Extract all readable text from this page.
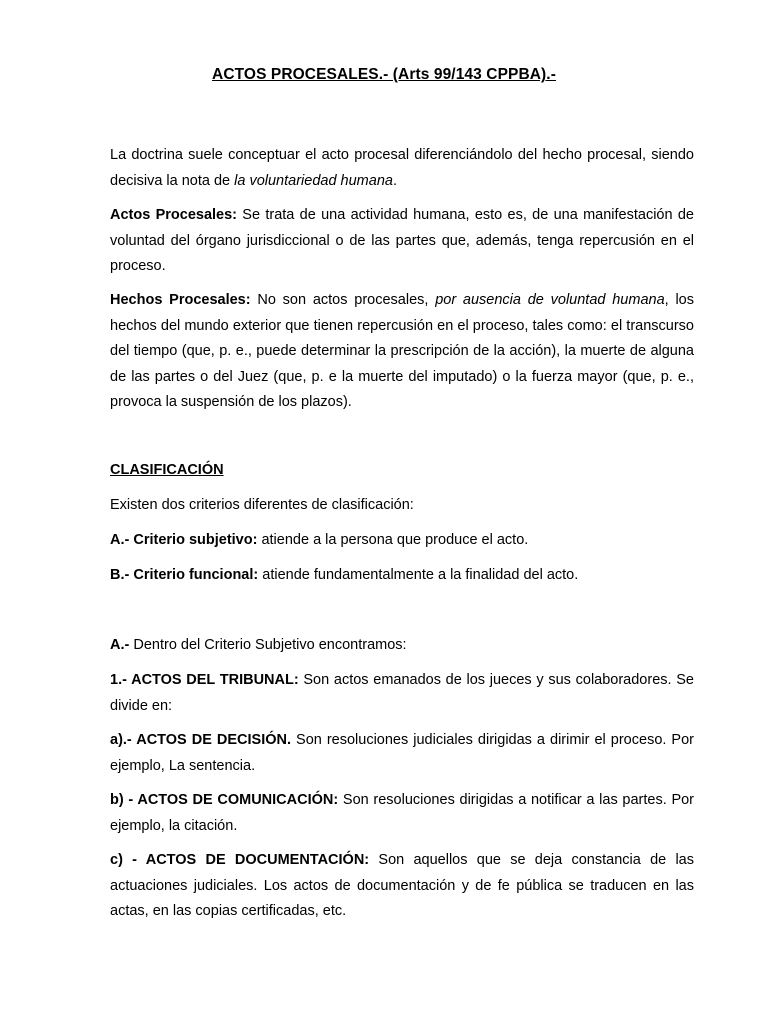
ACTOS PROCESALES.- (Arts 99/143 CPPBA).-
La doctrina suele conceptuar el acto procesal diferenciándolo del hecho procesal, siendo decisiva la nota de la voluntariedad humana.
Actos Procesales: Se trata de una actividad humana, esto es, de una manifestación de voluntad del órgano jurisdiccional o de las partes que, además, tenga repercusión en el proceso.
Hechos Procesales: No son actos procesales, por ausencia de voluntad humana, los hechos del mundo exterior que tienen repercusión en el proceso, tales como: el transcurso del tiempo (que, p. e., puede determinar la prescripción de la acción), la muerte de alguna de las partes o del Juez (que, p. e la muerte del imputado) o la fuerza mayor (que, p. e., provoca la suspensión de los plazos).
CLASIFICACIÓN
Existen dos criterios diferentes de clasificación:
A.- Criterio subjetivo: atiende a la persona que produce el acto.
B.- Criterio funcional: atiende fundamentalmente a la finalidad del acto.
A.- Dentro del Criterio Subjetivo encontramos:
1.- ACTOS DEL TRIBUNAL: Son actos emanados de los jueces y sus colaboradores. Se divide en:
a).- ACTOS DE DECISIÓN. Son resoluciones judiciales dirigidas a dirimir el proceso. Por ejemplo, La sentencia.
b) - ACTOS DE COMUNICACIÓN: Son resoluciones dirigidas a notificar a las partes. Por ejemplo, la citación.
c) - ACTOS DE DOCUMENTACIÓN: Son aquellos que se deja constancia de las actuaciones judiciales. Los actos de documentación y de fe pública se traducen en las actas, en las copias certificadas, etc.
